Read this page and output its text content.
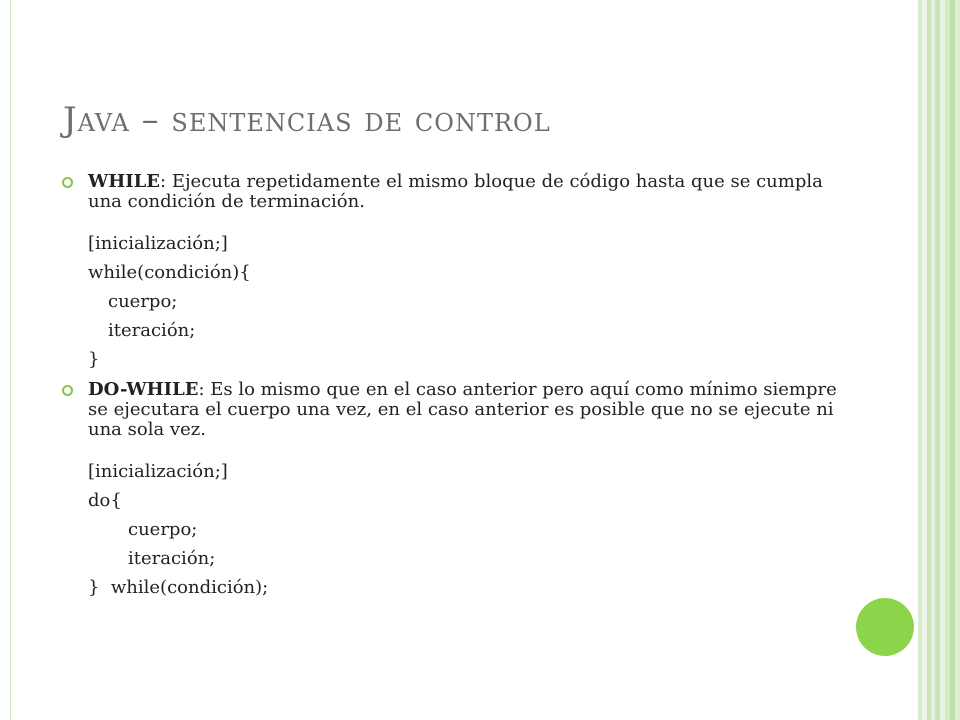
Java – sentencias de control
WHILE: Ejecuta repetidamente el mismo bloque de código hasta que se cumpla una condición de terminación.
[inicialización;]
while(condición){
cuerpo;
iteración;
}
DO-WHILE: Es lo mismo que en el caso anterior pero aquí como mínimo siempre se ejecutara el cuerpo una vez, en el caso anterior es posible que no se ejecute ni una sola vez.
[inicialización;]
do{
cuerpo;
iteración;
}  while(condición);
